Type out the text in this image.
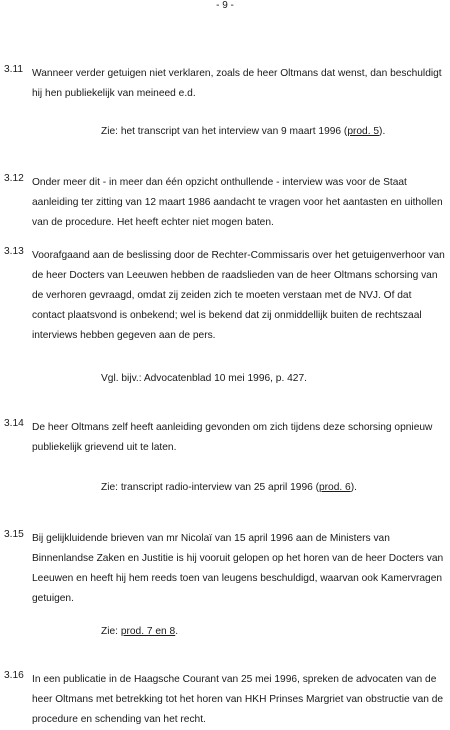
- 9 -
3.11 Wanneer verder getuigen niet verklaren, zoals de heer Oltmans dat wenst, dan beschuldigt hij hen publiekelijk van meineed e.d.
Zie: het transcript van het interview van 9 maart 1996 (prod. 5).
3.12 Onder meer dit - in meer dan één opzicht onthullende - interview was voor de Staat aanleiding ter zitting van 12 maart 1986 aandacht te vragen voor het aantasten en uithollen van de procedure. Het heeft echter niet mogen baten.
3.13 Voorafgaand aan de beslissing door de Rechter-Commissaris over het getuigenverhoor van de heer Docters van Leeuwen hebben de raadslieden van de heer Oltmans schorsing van de verhoren gevraagd, omdat zij zeiden zich te moeten verstaan met de NVJ. Of dat contact plaatsvond is onbekend; wel is bekend dat zij onmiddellijk buiten de rechtszaal interviews hebben gegeven aan de pers.
Vgl. bijv.: Advocatenblad 10 mei 1996, p. 427.
3.14 De heer Oltmans zelf heeft aanleiding gevonden om zich tijdens deze schorsing opnieuw publiekelijk grievend uit te laten.
Zie: transcript radio-interview van 25 april 1996 (prod. 6).
3.15 Bij gelijkluidende brieven van mr Nicolaï van 15 april 1996 aan de Ministers van Binnenlandse Zaken en Justitie is hij vooruit gelopen op het horen van de heer Docters van Leeuwen en heeft hij hem reeds toen van leugens beschuldigd, waarvan ook Kamervragen getuigen.
Zie: prod. 7 en 8.
3.16 In een publicatie in de Haagsche Courant van 25 mei 1996, spreken de advocaten van de heer Oltmans met betrekking tot het horen van HKH Prinses Margriet van obstructie van de procedure en schending van het recht.
